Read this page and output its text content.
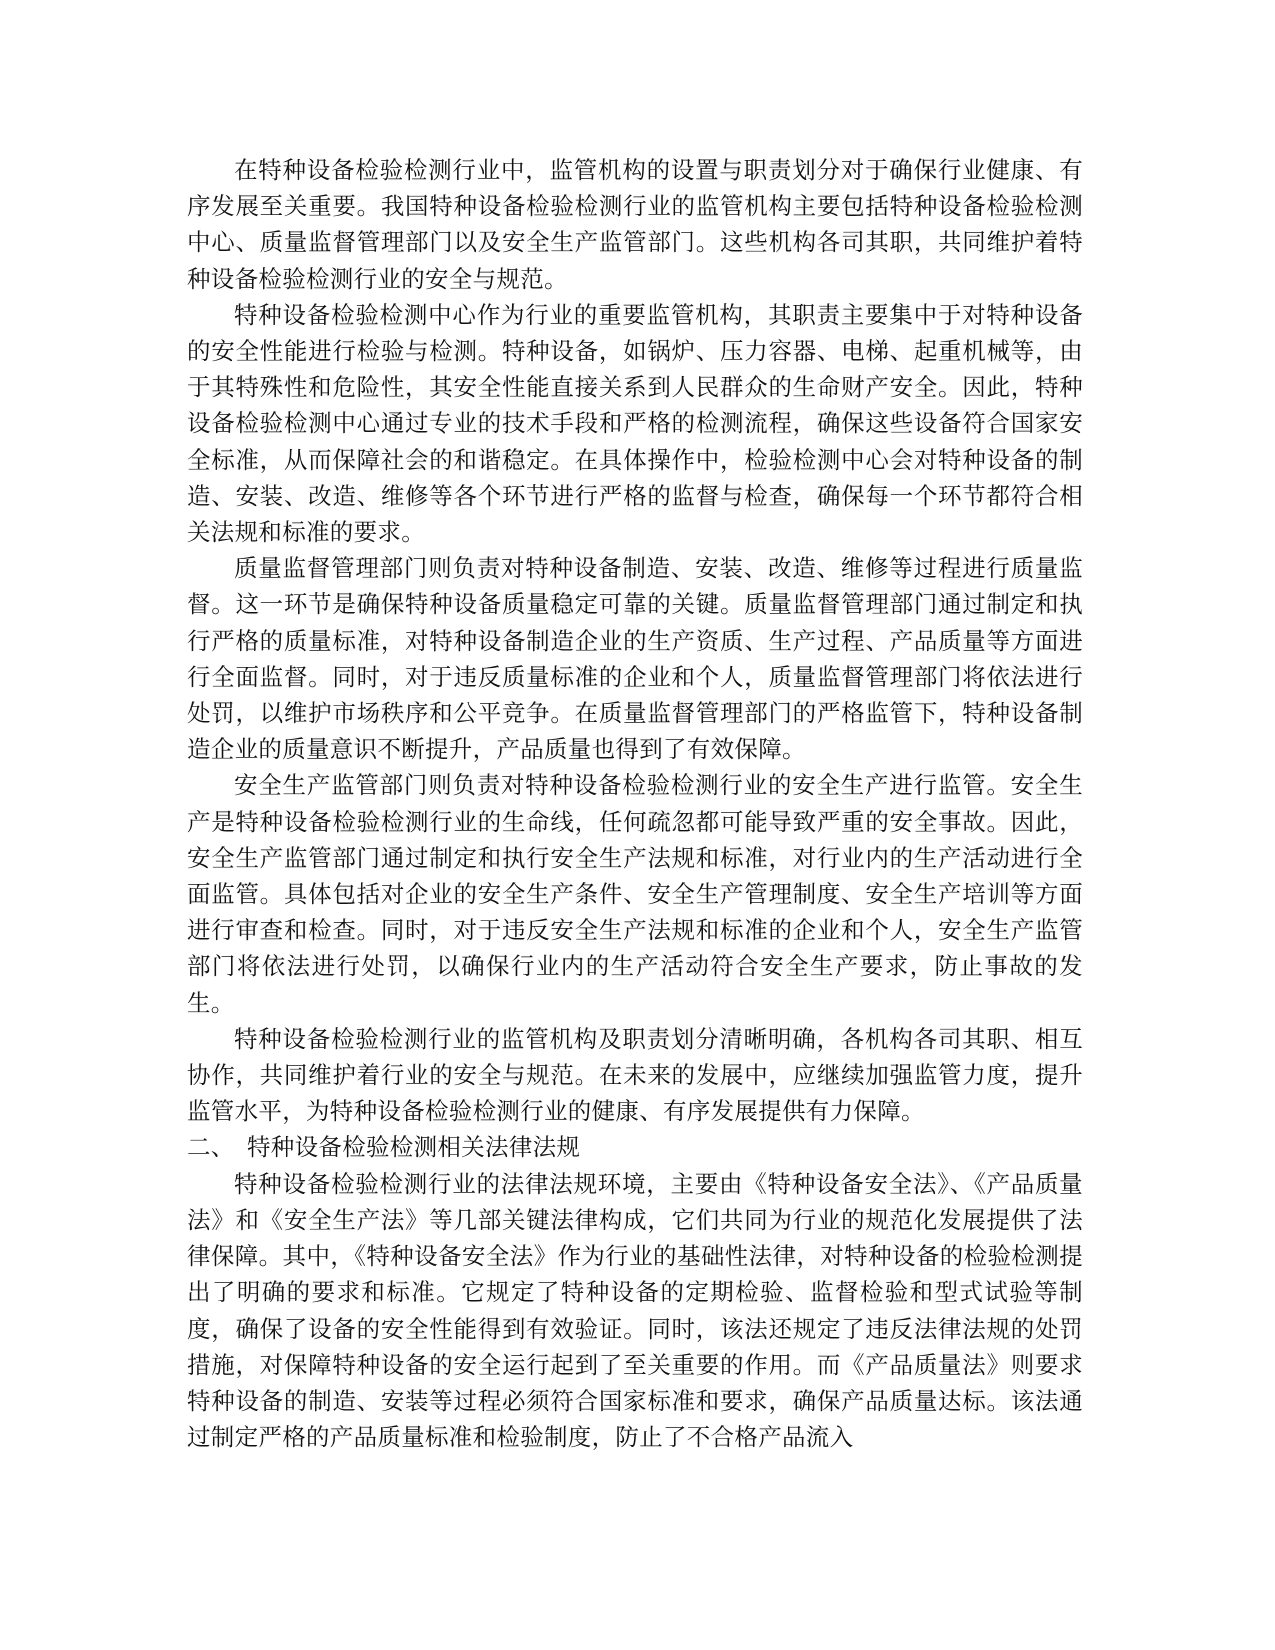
在特种设备检验检测行业中，监管机构的设置与职责划分对于确保行业健康、有序发展至关重要。我国特种设备检验检测行业的监管机构主要包括特种设备检验检测中心、质量监督管理部门以及安全生产监管部门。这些机构各司其职，共同维护着特种设备检验检测行业的安全与规范。

特种设备检验检测中心作为行业的重要监管机构，其职责主要集中于对特种设备的安全性能进行检验与检测。特种设备，如锅炉、压力容器、电梯、起重机械等，由于其特殊性和危险性，其安全性能直接关系到人民群众的生命财产安全。因此，特种设备检验检测中心通过专业的技术手段和严格的检测流程，确保这些设备符合国家安全标准，从而保障社会的和谐稳定。在具体操作中，检验检测中心会对特种设备的制造、安装、改造、维修等各个环节进行严格的监督与检查，确保每一个环节都符合相关法规和标准的要求。

质量监督管理部门则负责对特种设备制造、安装、改造、维修等过程进行质量监督。这一环节是确保特种设备质量稳定可靠的关键。质量监督管理部门通过制定和执行严格的质量标准，对特种设备制造企业的生产资质、生产过程、产品质量等方面进行全面监督。同时，对于违反质量标准的企业和个人，质量监督管理部门将依法进行处罚，以维护市场秩序和公平竞争。在质量监督管理部门的严格监管下，特种设备制造企业的质量意识不断提升，产品质量也得到了有效保障。

安全生产监管部门则负责对特种设备检验检测行业的安全生产进行监管。安全生产是特种设备检验检测行业的生命线，任何疏忽都可能导致严重的安全事故。因此，安全生产监管部门通过制定和执行安全生产法规和标准，对行业内的生产活动进行全面监管。具体包括对企业的安全生产条件、安全生产管理制度、安全生产培训等方面进行审查和检查。同时，对于违反安全生产法规和标准的企业和个人，安全生产监管部门将依法进行处罚，以确保行业内的生产活动符合安全生产要求，防止事故的发生。

特种设备检验检测行业的监管机构及职责划分清晰明确，各机构各司其职、相互协作，共同维护着行业的安全与规范。在未来的发展中，应继续加强监管力度，提升监管水平，为特种设备检验检测行业的健康、有序发展提供有力保障。

二、 特种设备检验检测相关法律法规

特种设备检验检测行业的法律法规环境，主要由《特种设备安全法》、《产品质量法》和《安全生产法》等几部关键法律构成，它们共同为行业的规范化发展提供了法律保障。其中，《特种设备安全法》作为行业的基础性法律，对特种设备的检验检测提出了明确的要求和标准。它规定了特种设备的定期检验、监督检验和型式试验等制度，确保了设备的安全性能得到有效验证。同时，该法还规定了违反法律法规的处罚措施，对保障特种设备的安全运行起到了至关重要的作用。而《产品质量法》则要求特种设备的制造、安装等过程必须符合国家标准和要求，确保产品质量达标。该法通过制定严格的产品质量标准和检验制度，防止了不合格产品流入
